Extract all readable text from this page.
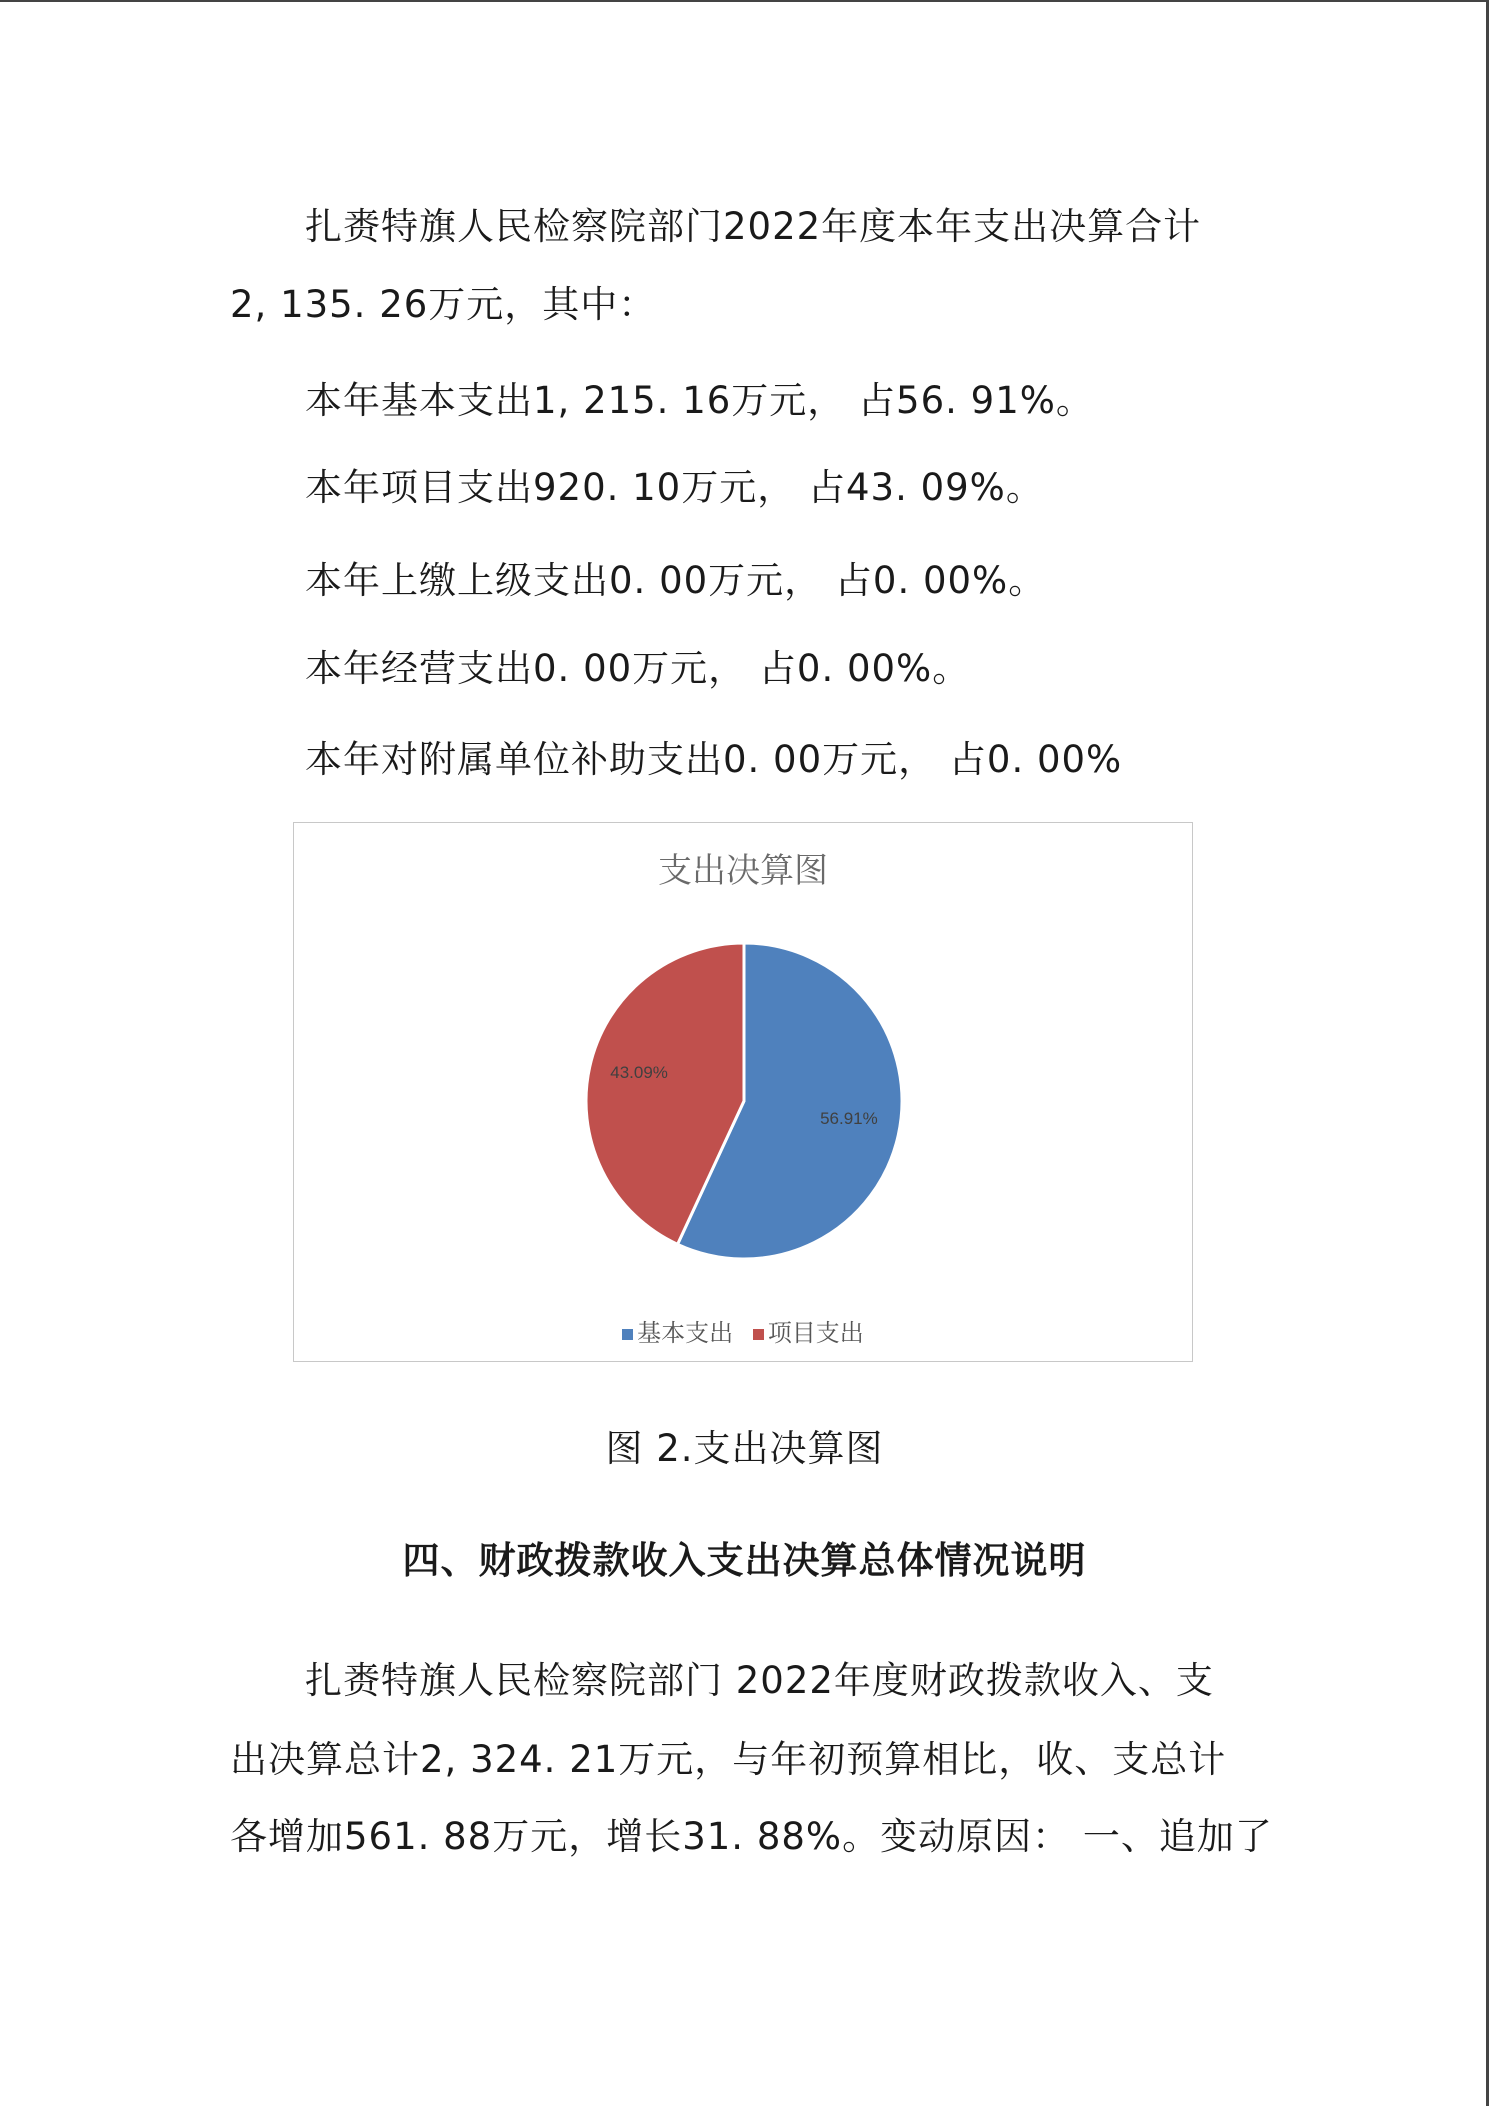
扎赉特旗人民检察院部门2022年度本年支出决算合计
2, 135. 26万元，其中：
本年基本支出1, 215. 16万元， 占56. 91%。
本年项目支出920. 10万元， 占43. 09%。
本年上缴上级支出0. 00万元， 占0. 00%。
本年经营支出0. 00万元， 占0. 00%。
本年对附属单位补助支出0. 00万元， 占0. 00%
支出决算图
56.91%
43.09%
基本支出 项目支出
图 2.支出决算图
四、财政拨款收入支出决算总体情况说明
扎赉特旗人民检察院部门 2022年度财政拨款收入、支
出决算总计2, 324. 21万元，与年初预算相比，收、支总计
各增加561. 88万元，增长31. 88%。变动原因： 一、追加了
